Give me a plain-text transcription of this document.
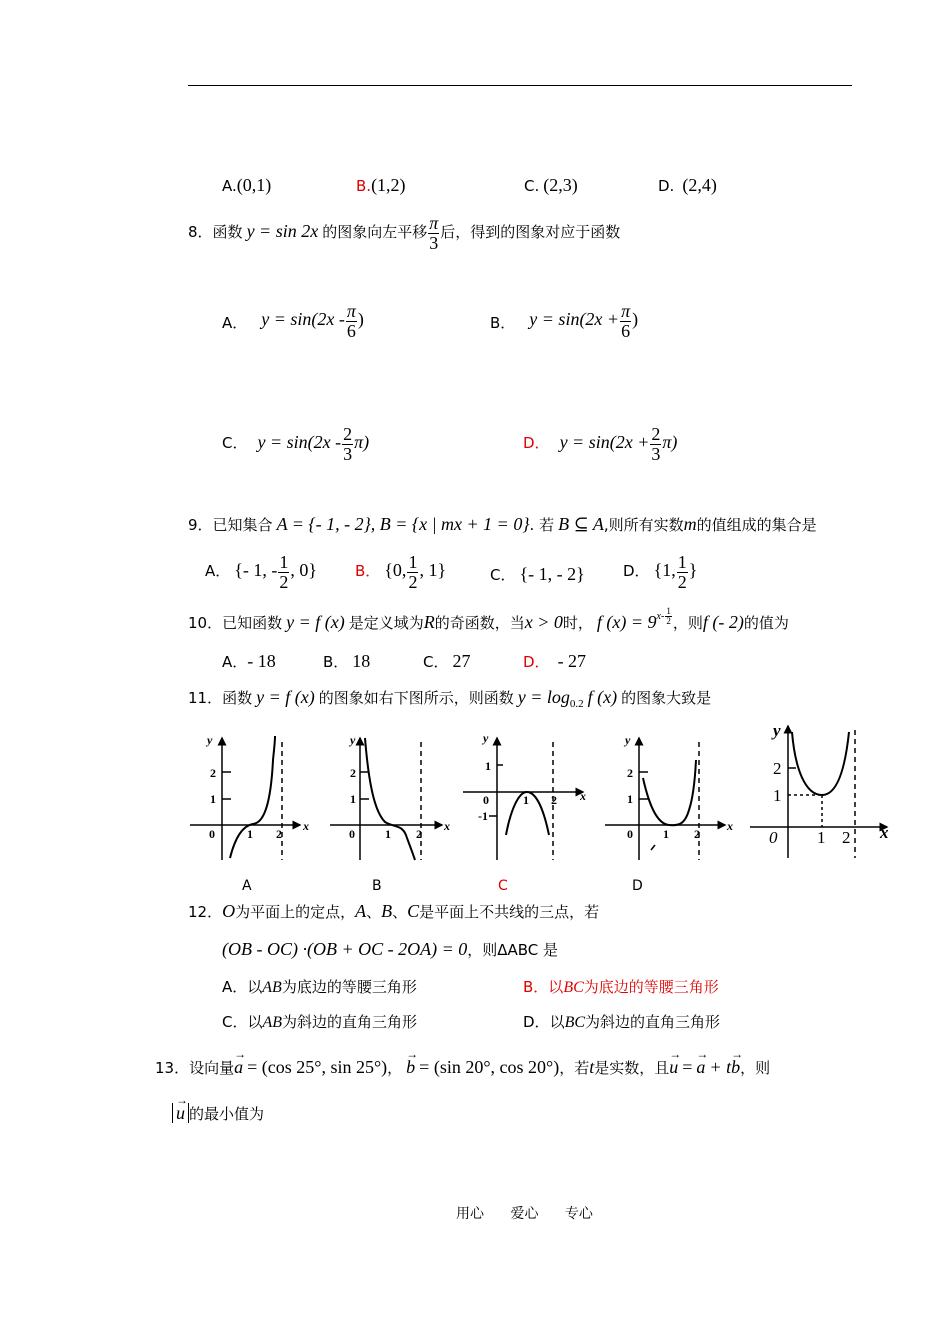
A.(0,1)	B.(1,2)	C. (2,3)	D. (2,4)
8．函数 y = sin 2x 的图象向左平移 $\frac{\pi}{3}$ 后，得到的图象对应于函数
A． $y = \sin(2x - \frac{\pi}{6}$ )	B． $y = \sin(2x + \frac{\pi}{6}$ )
C． $y = \sin(2x - \frac{2}{3} \pi)$	D． $y = \sin(2x + \frac{2}{3} \pi)$
9．已知集合 A = {- 1, - 2}, B = {x | mx + 1 = 0}. 若 B ⊆ A,则所有实数m的值组成的集合是
A． {- 1, - $\frac{1}{2}$ , 0}	B． {0, $\frac{1}{2}$ , 1}	C． {- 1, - 2}	D． {1, $\frac{1}{2}$ }
10．已知函数 y = f (x) 是定义域为R的奇函数，当x > 0时， f $(x) = 9^{x- \frac{1}{2}}$ ，则f (- 2)的值为
A．- 18	B． 18	C． 27	D． - 27
11．函数 y = f (x) 的图象如右下图所示，则函数 $y = \log_{0.2} f$ (x) 的图象大致是
y
x
y
x
y
x
y
x
2
1
0	1 2
2
1
0	1 2
1
0	1 2
-1
2
1
0	1 2
y
x
2
1
0 1 2
A	B	C	D
12．O为平面上的定点，A、B、C是平面上不共线的三点，若
(OB - OC) ·(OB + OC - 2OA) = 0，则ΔABC 是
A．以AB为底边的等腰三角形	B．以BC为底边的等腰三角形
C．以AB为斜边的直角三角形	D．以BC为斜边的直角三角形
13．设向量
→
a = (cos 25°, sin 25°)，
→
b = (sin 20°, cos 20°)，若t是实数，且
→
u =
→
a + t
→
b，则
→
u 的最小值为
用心 爱心 专心
